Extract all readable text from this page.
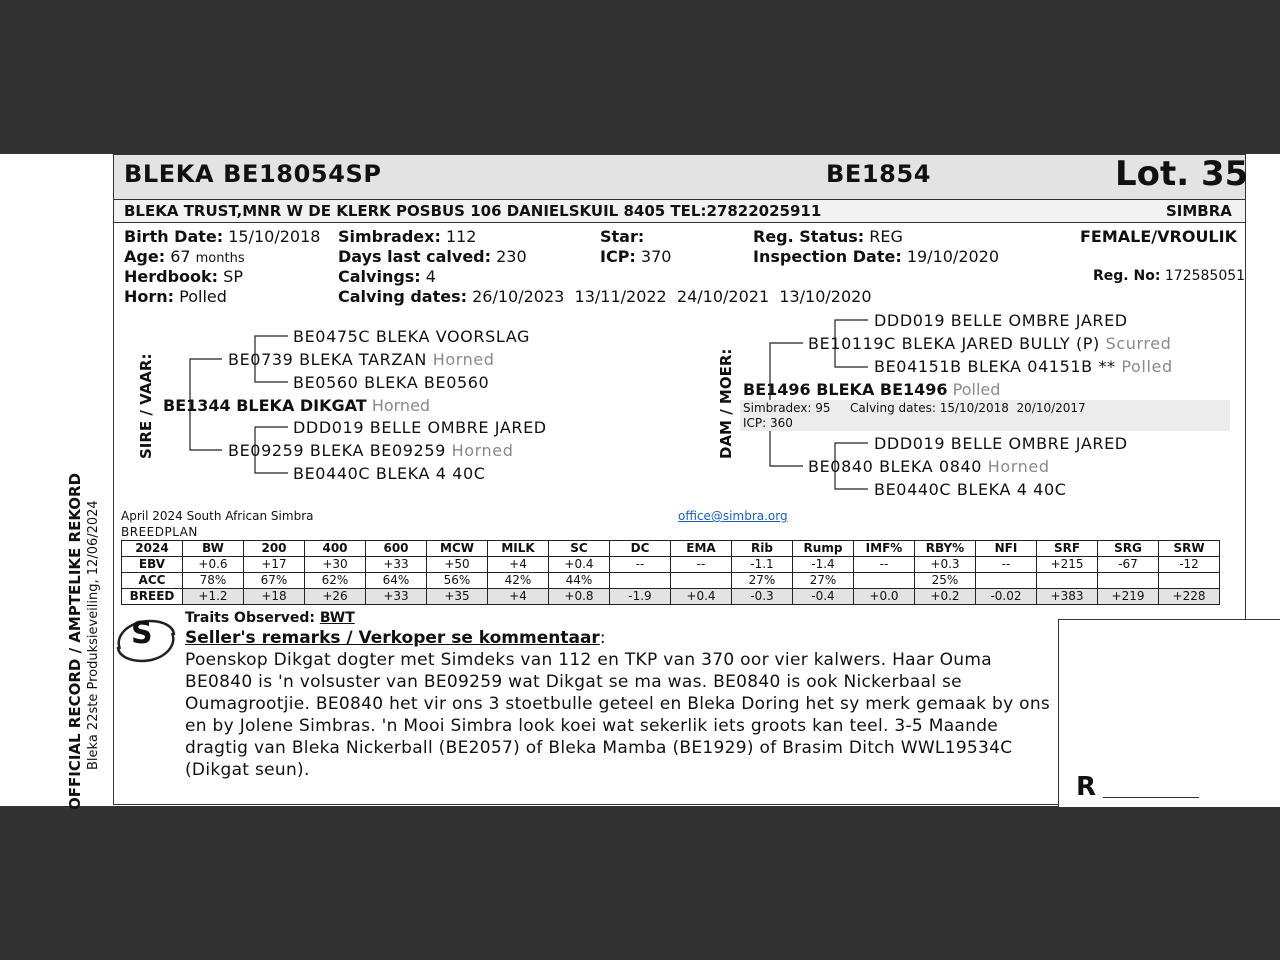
OFFICIAL RECORD / AMPTELIKE REKORD Bleka 22ste Produksieveiling, 12/06/2024
BLEKA BE18054SP	BE1854	Lot. 35
BLEKA TRUST,MNR W DE KLERK POSBUS 106 DANIELSKUIL 8405 TEL:27822025911	SIMBRA
Birth Date: 15/10/2018
Age: 67 months
Herdbook: SP
Horn: Polled
Simbradex: 112
Days last calved: 230
Calvings: 4
Calving dates: 26/10/2023  13/11/2022  24/10/2021  13/10/2020
Star:
ICP: 370
Reg. Status: REG
Inspection Date: 19/10/2020
FEMALE/VROULIK
Reg. No: 172585051
SIRE / VAAR:
BE0475C BLEKA VOORSLAG
BE0739 BLEKA TARZAN Horned
BE0560 BLEKA BE0560
BE1344 BLEKA DIKGAT Horned
DDD019 BELLE OMBRE JARED
BE09259 BLEKA BE09259 Horned
BE0440C BLEKA 4 40C
DAM / MOER:
DDD019 BELLE OMBRE JARED
BE10119C BLEKA JARED BULLY (P) Scurred
BE04151B BLEKA 04151B ** Polled
BE1496 BLEKA BE1496 Polled
Simbradex: 95 Calving dates: 15/10/2018  20/10/2017
ICP: 360
DDD019 BELLE OMBRE JARED
BE0840 BLEKA 0840 Horned
BE0440C BLEKA 4 40C
April 2024 South African Simbra
BREEDPLAN
office@simbra.org
2024	BW	200	400	600	MCW	MILK	SC	DC	EMA	Rib	Rump	IMF%	RBY%	NFI	SRF	SRG	SRW
EBV	+0.6	+17	+30	+33	+50	+4	+0.4	--	--	-1.1	-1.4	--	+0.3	--	+215	-67	-12
ACC	78%	67%	62%	64%	56%	42%	44%			27%	27%		25%				
BREED	+1.2	+18	+26	+33	+35	+4	+0.8	-1.9	+0.4	-0.3	-0.4	+0.0	+0.2	-0.02	+383	+219	+228
R ________________
S Traits Observed: BWT
Seller's remarks / Verkoper se kommentaar:
Poenskop Dikgat dogter met Simdeks van 112 en TKP van 370 oor vier kalwers. Haar Ouma BE0840 is 'n volsuster van BE09259 wat Dikgat se ma was. BE0840 is ook Nickerbaal se Oumagrootjie. BE0840 het vir ons 3 stoetbulle geteel en Bleka Doring het sy merk gemaak by ons en by Jolene Simbras. 'n Mooi Simbra look koei wat sekerlik iets groots kan teel. 3-5 Maande dragtig van Bleka Nickerball (BE2057) of Bleka Mamba (BE1929) of Brasim Ditch WWL19534C (Dikgat seun).
